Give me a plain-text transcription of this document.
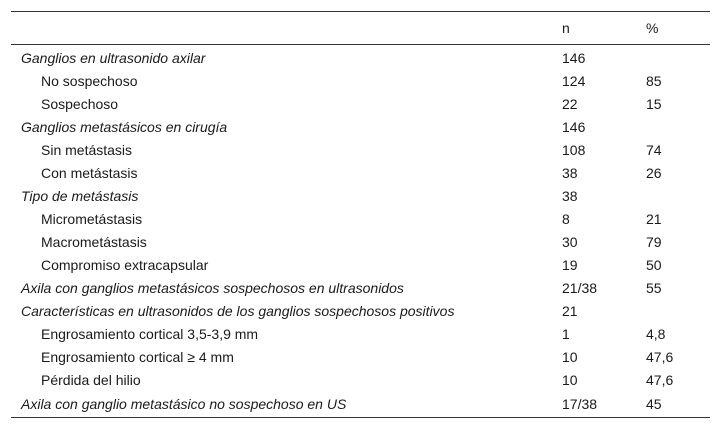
	n	%
Ganglios en ultrasonido axilar	146	
No sospechoso	124	85
Sospechoso	22	15
Ganglios metastásicos en cirugía	146	
Sin metástasis	108	74
Con metástasis	38	26
Tipo de metástasis	38	
Micrometástasis	8	21
Macrometástasis	30	79
Compromiso extracapsular	19	50
Axila con ganglios metastásicos sospechosos en ultrasonidos	21/38	55
Características en ultrasonidos de los ganglios sospechosos positivos	21	
Engrosamiento cortical 3,5-3,9 mm	1	4,8
Engrosamiento cortical ≥ 4 mm	10	47,6
Pérdida del hilio	10	47,6
Axila con ganglio metastásico no sospechoso en US	17/38	45
